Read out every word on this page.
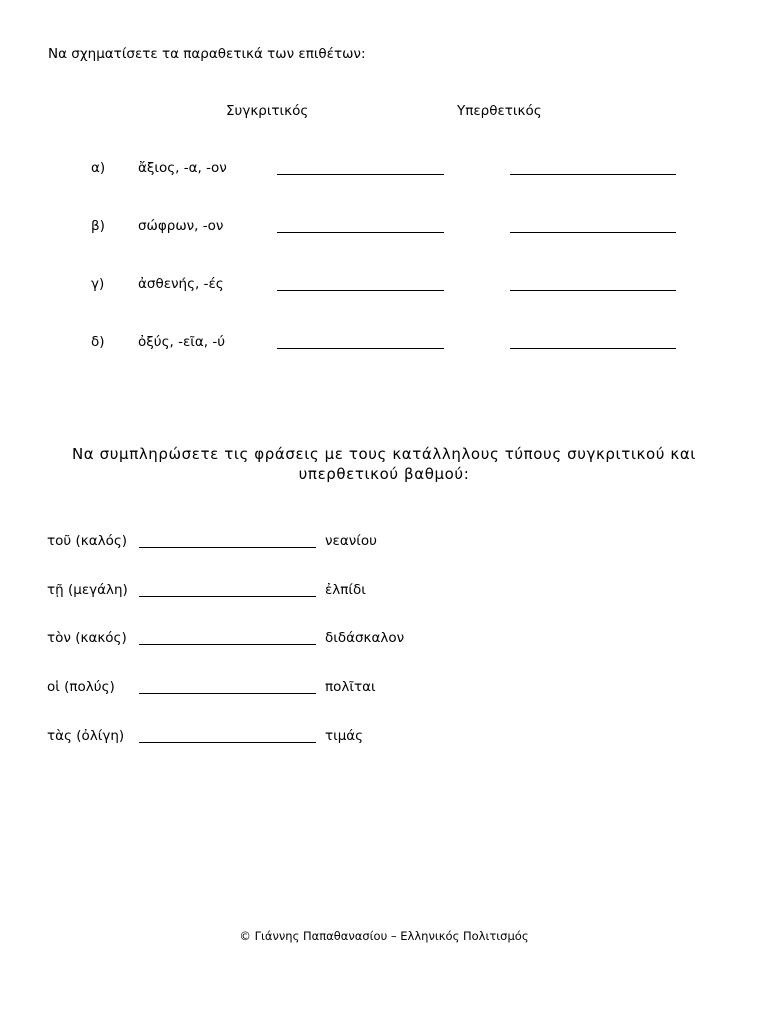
Να σχηματίσετε τα παραθετικά των επιθέτων:
Συγκριτικός	Υπερθετικός
α) ἄξιος, -α, -ον
β) σώφρων, -ον
γ) ἀσθενής, -ές
δ) ὀξύς, -εῖα, -ύ
Να συμπληρώσετε τις φράσεις με τους κατάλληλους τύπους συγκριτικού και
υπερθετικού βαθμού:
τοῦ (καλός)	νεανίου
τῇ (μεγάλη)	ἐλπίδι
τὸν (κακός)	διδάσκαλον
οἱ (πολύς)	πολῖται
τὰς (ὀλίγη)	τιμάς
© Γιάννης Παπαθανασίου – Ελληνικός Πολιτισμός
